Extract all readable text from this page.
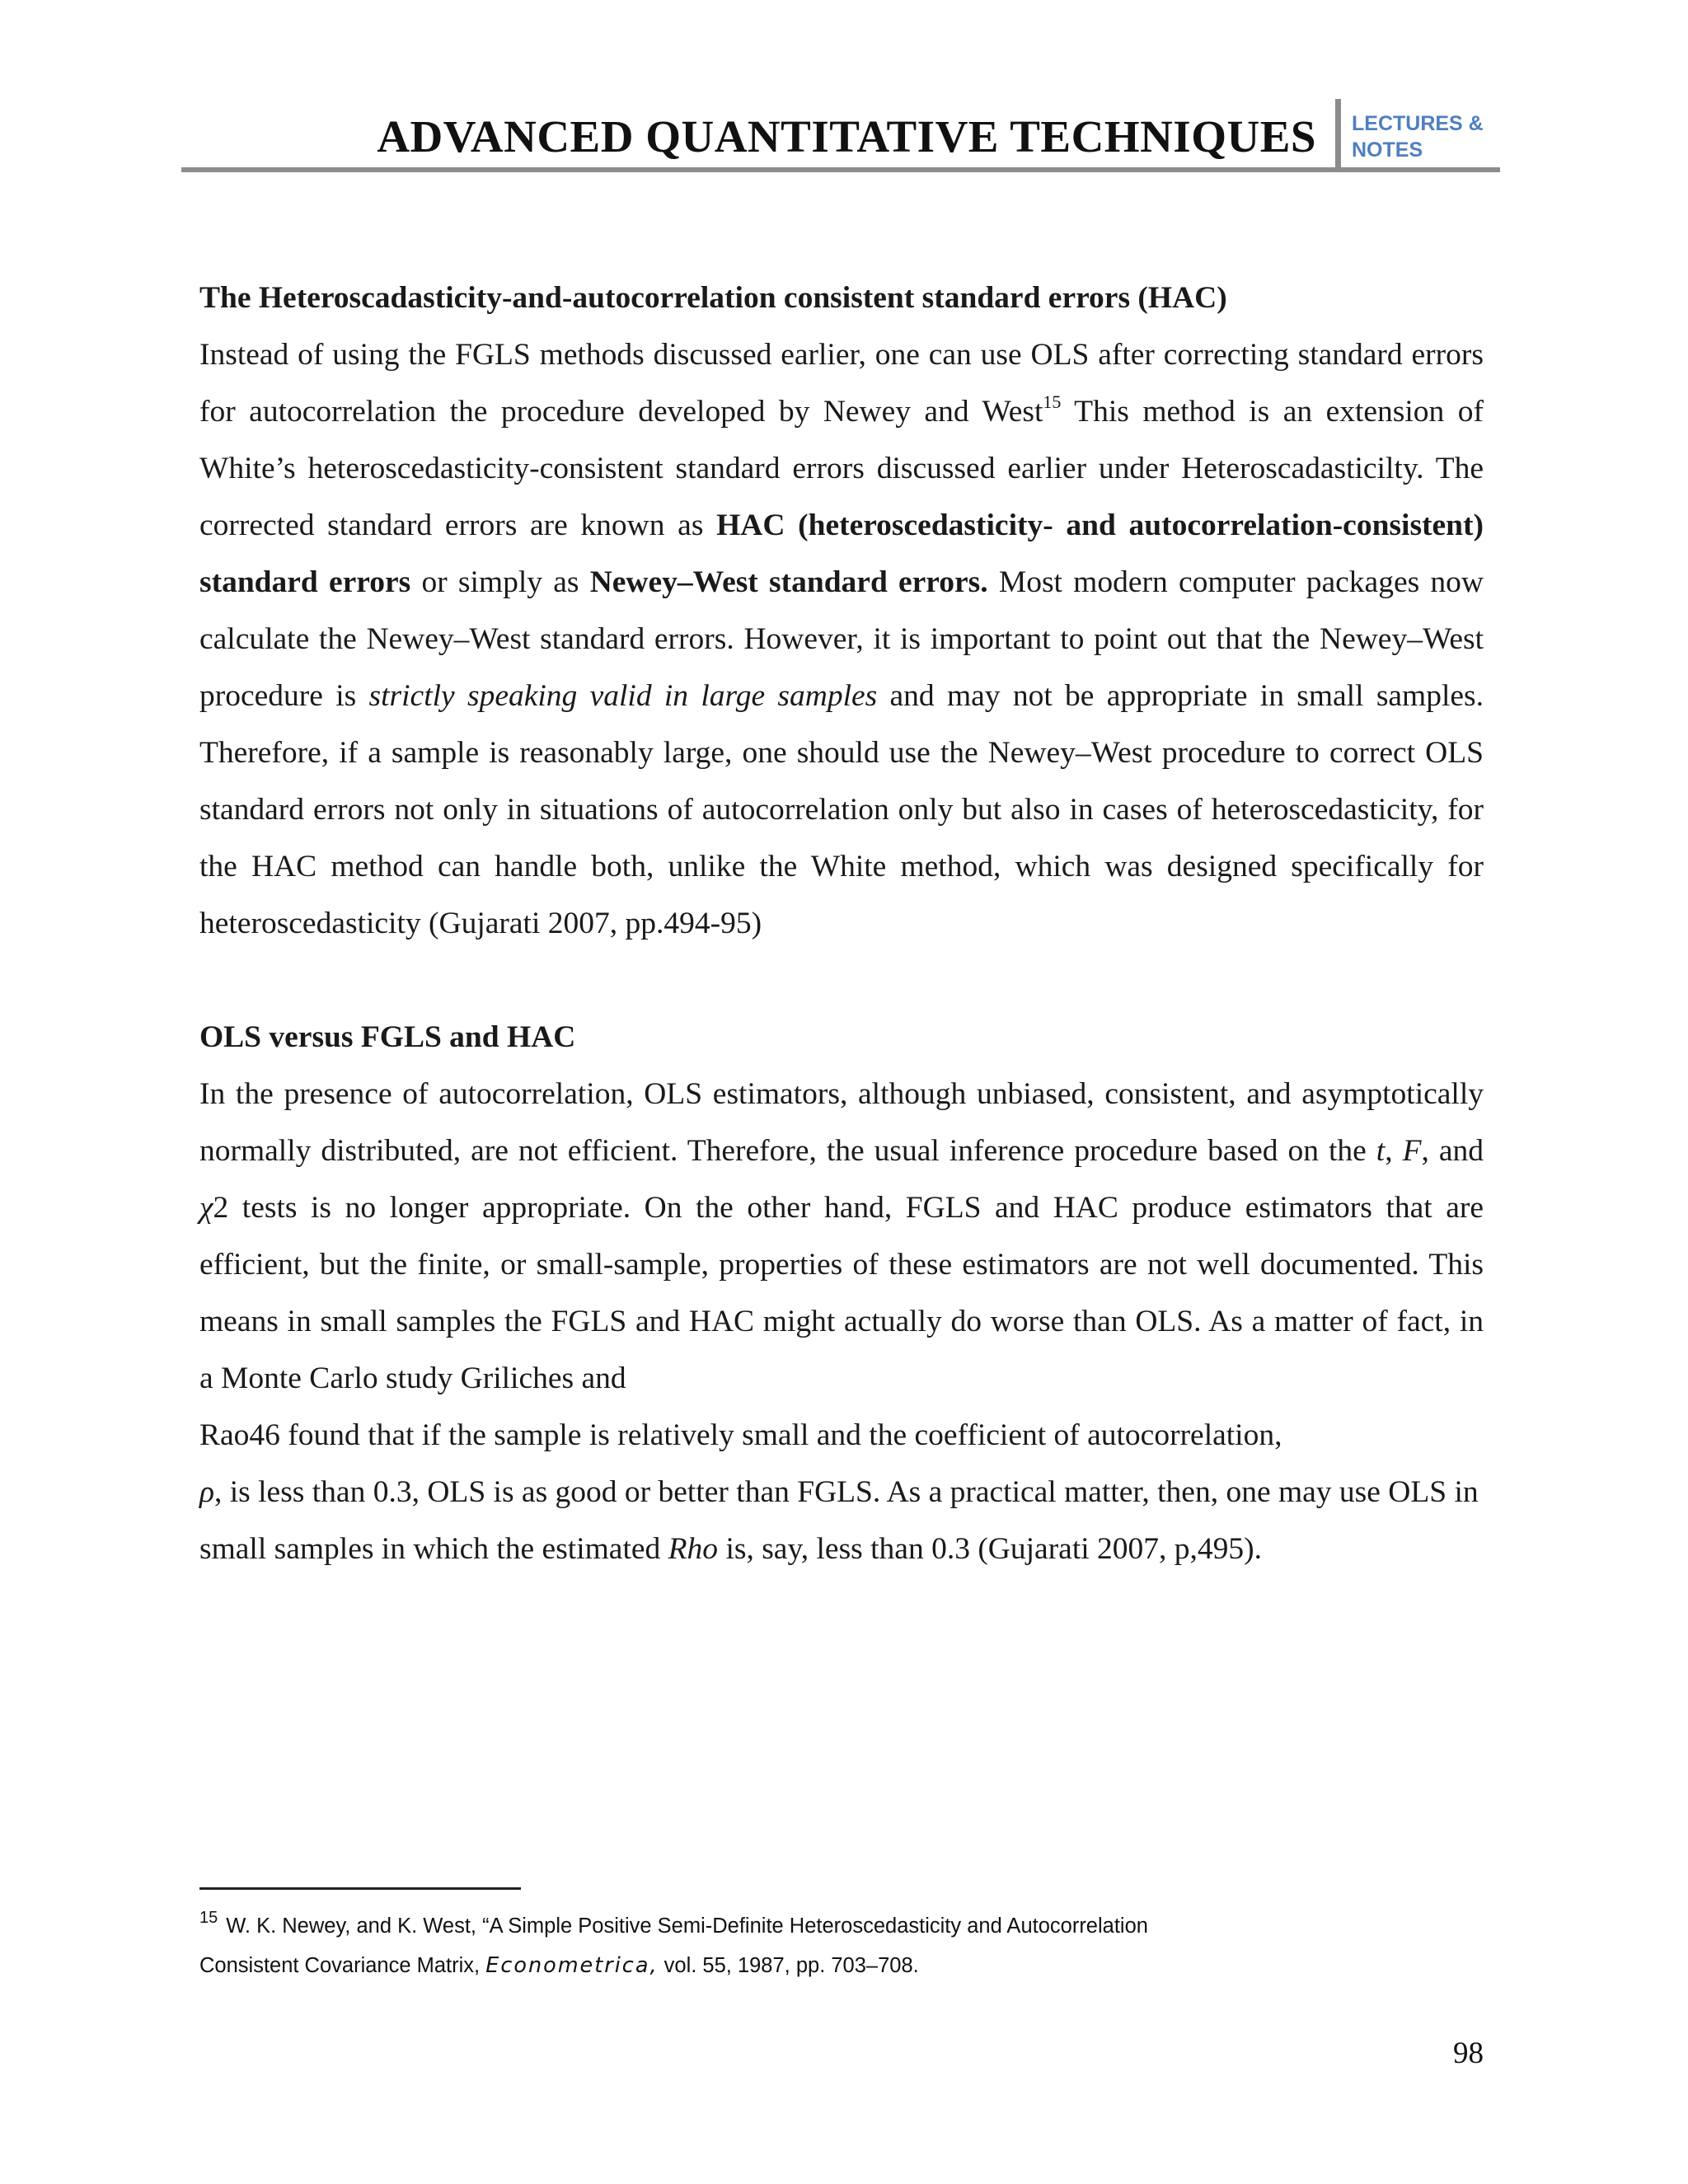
ADVANCED QUANTITATIVE TECHNIQUES LECTURES &
NOTES

The Heteroscadasticity-and-autocorrelation consistent standard errors (HAC)

Instead of using the FGLS methods discussed earlier, one can use OLS after correcting standard errors for autocorrelation the procedure developed by Newey and West$^{15}$ This method is an extension of White’s heteroscedasticity-consistent standard errors discussed earlier under Heteroscadasticilty. The corrected standard errors are known as HAC (heteroscedasticity- and autocorrelation-consistent) standard errors or simply as Newey–West standard errors. Most modern computer packages now calculate the Newey–West standard errors. However, it is important to point out that the Newey–West procedure is strictly speaking valid in large samples and may not be appropriate in small samples. Therefore, if a sample is reasonably large, one should use the Newey–West procedure to correct OLS standard errors not only in situations of autocorrelation only but also in cases of heteroscedasticity, for the HAC method can handle both, unlike the White method, which was designed specifically for heteroscedasticity (Gujarati 2007, pp.494-95)

OLS versus FGLS and HAC

In the presence of autocorrelation, OLS estimators, although unbiased, consistent, and asymptotically normally distributed, are not efficient. Therefore, the usual inference procedure based on the t, F, and χ2 tests is no longer appropriate. On the other hand, FGLS and HAC produce estimators that are efficient, but the finite, or small-sample, properties of these estimators are not well documented. This means in small samples the FGLS and HAC might actually do worse than OLS. As a matter of fact, in a Monte Carlo study Griliches and

Rao46 found that if the sample is relatively small and the coefficient of autocorrelation,

ρ, is less than 0.3, OLS is as good or better than FGLS. As a practical matter, then, one may use OLS in small samples in which the estimated Rho is, say, less than 0.3 (Gujarati 2007, p,495).

$^{15}$ W. K. Newey, and K. West, “A Simple Positive Semi-Definite Heteroscedasticity and Autocorrelation
Consistent Covariance Matrix, Econometrica, vol. 55, 1987, pp. 703–708.
98
